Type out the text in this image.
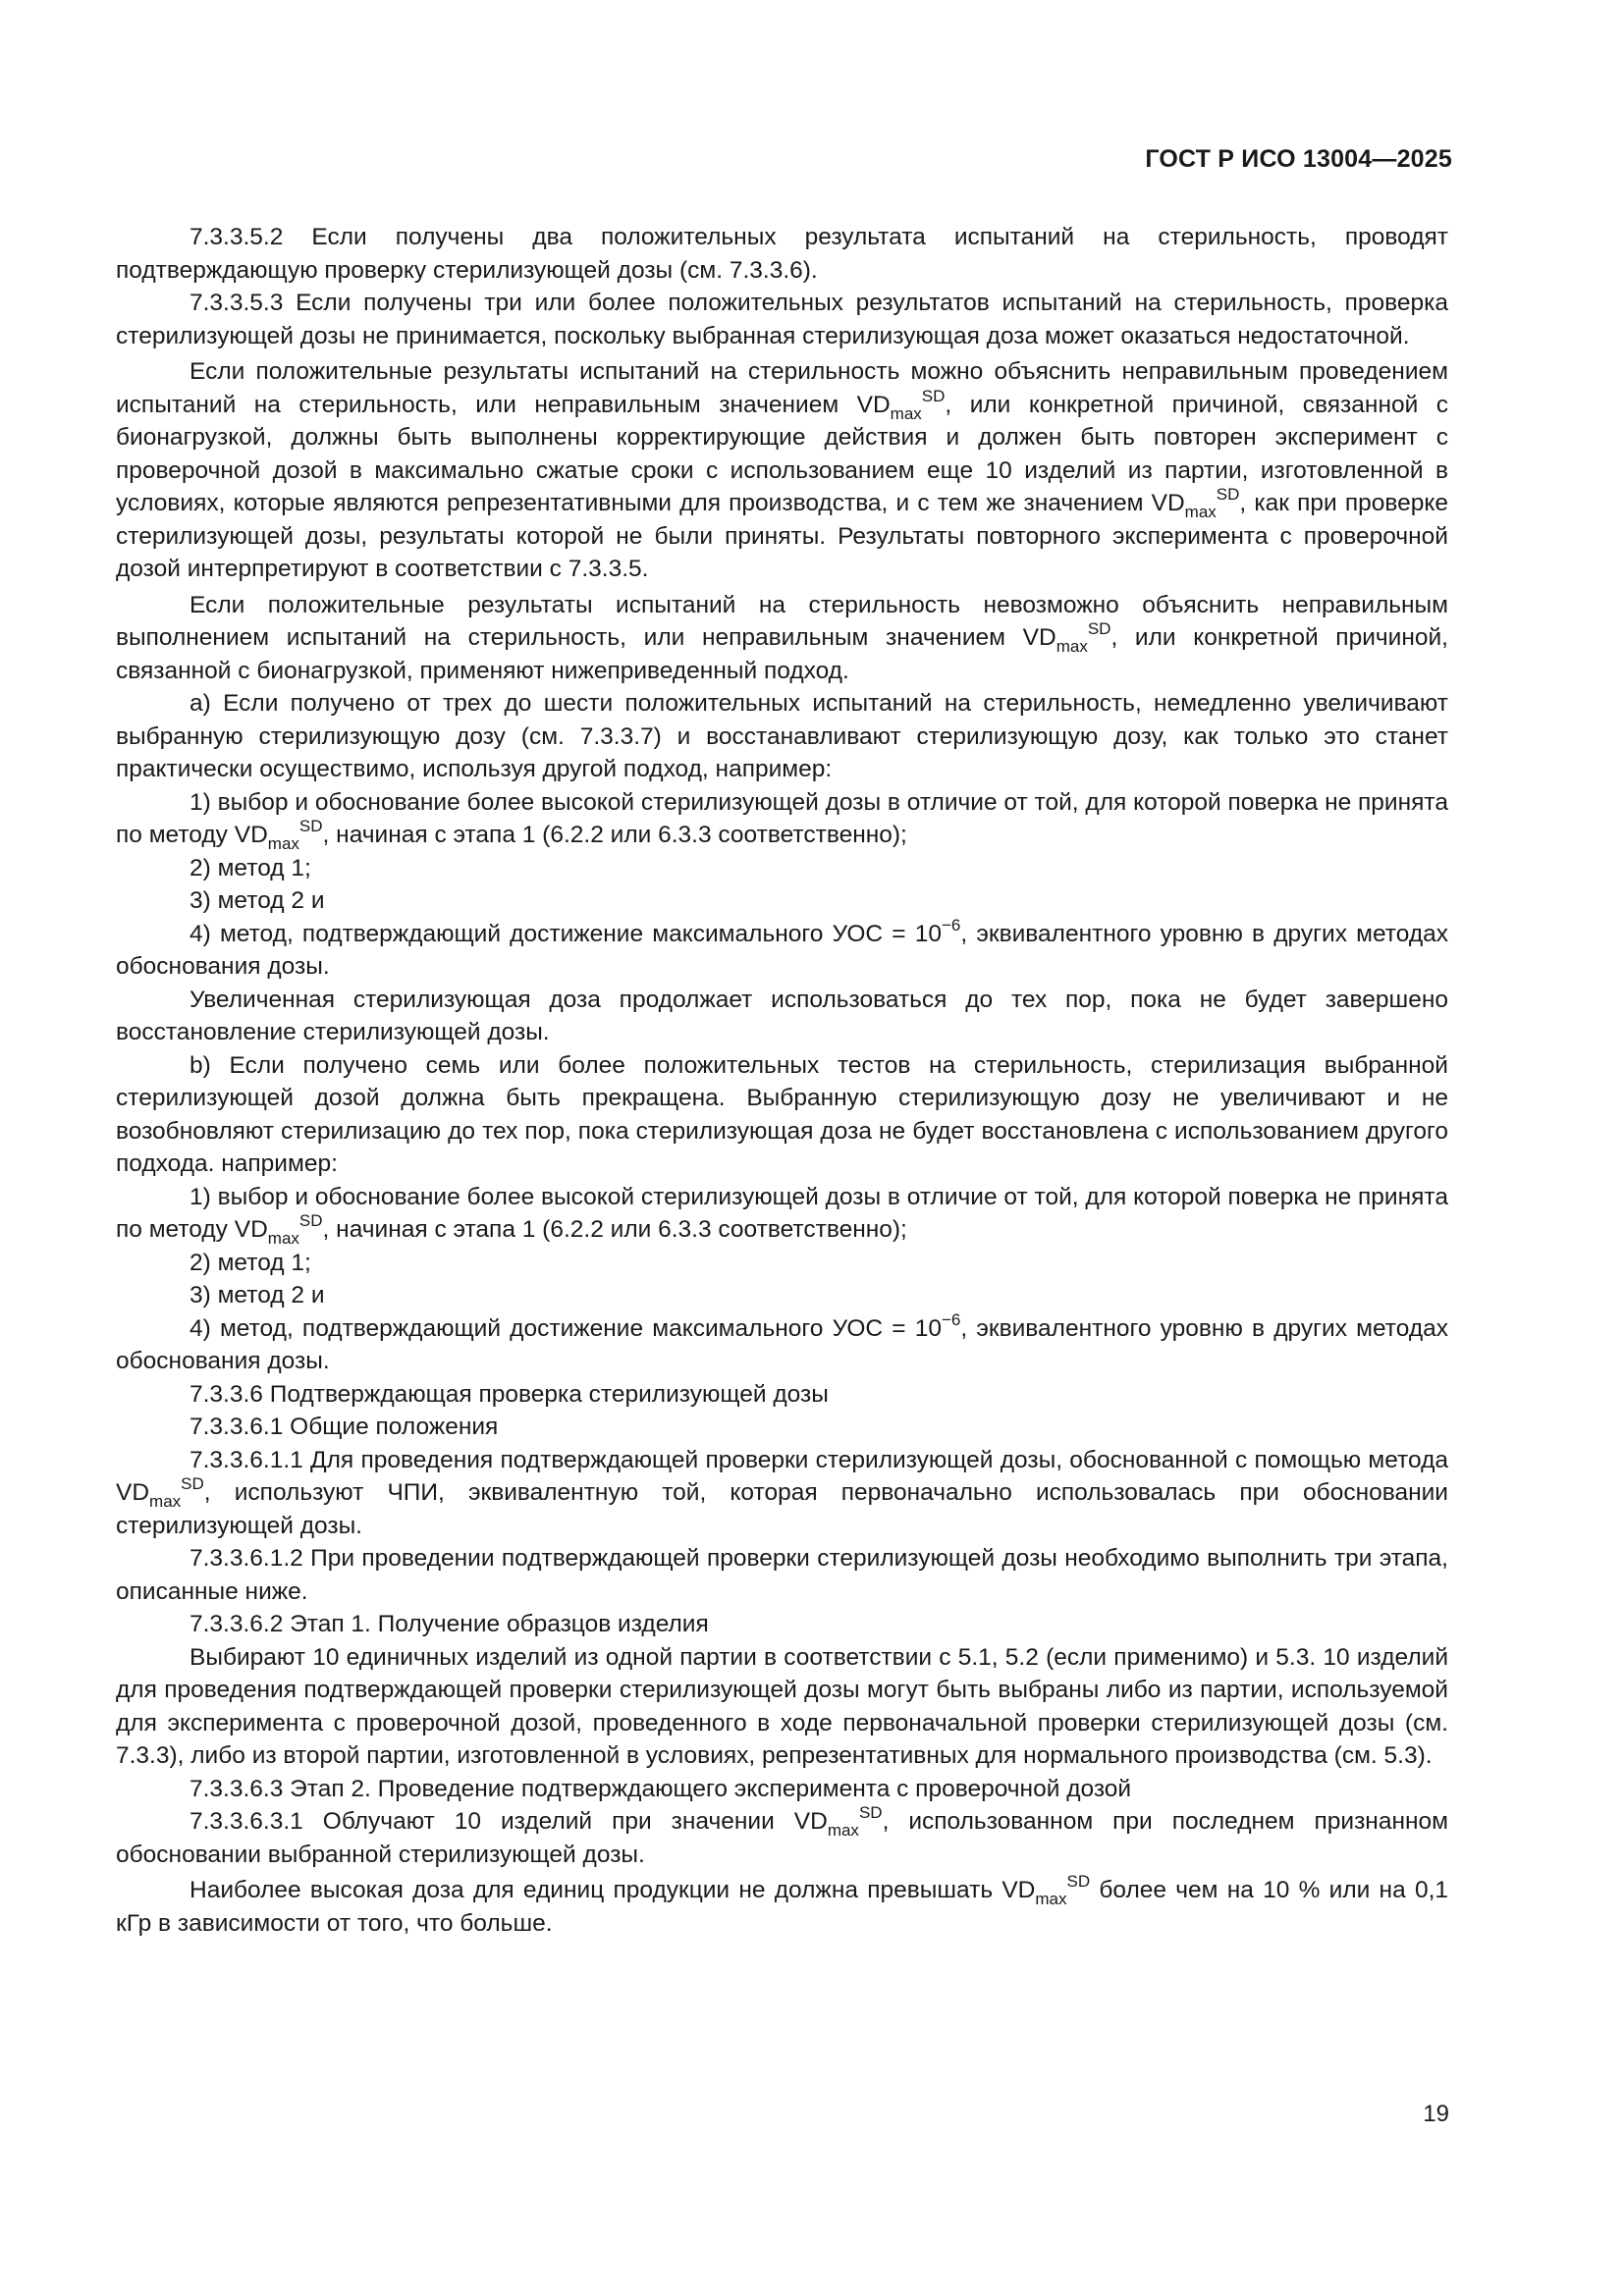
ГОСТ Р ИСО 13004—2025

7.3.3.5.2 Если получены два положительных результата испытаний на стерильность, проводят подтверждающую проверку стерилизующей дозы (см. 7.3.3.6).

7.3.3.5.3 Если получены три или более положительных результатов испытаний на стерильность, проверка стерилизующей дозы не принимается, поскольку выбранная стерилизующая доза может оказаться недостаточной.

Если положительные результаты испытаний на стерильность можно объяснить неправильным проведением испытаний на стерильность, или неправильным значением $VD_{max}^{SD}$, или конкретной причиной, связанной с бионагрузкой, должны быть выполнены корректирующие действия и должен быть повторен эксперимент с проверочной дозой в максимально сжатые сроки с использованием еще 10 изделий из партии, изготовленной в условиях, которые являются репрезентативными для производства, и с тем же значением $VD_{max}^{SD}$, как при проверке стерилизующей дозы, результаты которой не были приняты. Результаты повторного эксперимента с проверочной дозой интерпретируют в соответствии с 7.3.3.5.

Если положительные результаты испытаний на стерильность невозможно объяснить неправильным выполнением испытаний на стерильность, или неправильным значением $VD_{max}^{SD}$, или конкретной причиной, связанной с бионагрузкой, применяют нижеприведенный подход.

а) Если получено от трех до шести положительных испытаний на стерильность, немедленно увеличивают выбранную стерилизующую дозу (см. 7.3.3.7) и восстанавливают стерилизующую дозу, как только это станет практически осуществимо, используя другой подход, например:

1) выбор и обоснование более высокой стерилизующей дозы в отличие от той, для которой поверка не принята по методу $VD_{max}^{SD}$, начиная с этапа 1 (6.2.2 или 6.3.3 соответственно);

2) метод 1;

3) метод 2 и

4) метод, подтверждающий достижение максимального УОС = $10^{-6}$, эквивалентного уровню в других методах обоснования дозы.

Увеличенная стерилизующая доза продолжает использоваться до тех пор, пока не будет завершено восстановление стерилизующей дозы.

b) Если получено семь или более положительных тестов на стерильность, стерилизация выбранной стерилизующей дозой должна быть прекращена. Выбранную стерилизующую дозу не увеличивают и не возобновляют стерилизацию до тех пор, пока стерилизующая доза не будет восстановлена с использованием другого подхода. например:

1) выбор и обоснование более высокой стерилизующей дозы в отличие от той, для которой поверка не принята по методу $VD_{max}^{SD}$, начиная с этапа 1 (6.2.2 или 6.3.3 соответственно);

2) метод 1;

3) метод 2 и

4) метод, подтверждающий достижение максимального УОС = $10^{-6}$, эквивалентного уровню в других методах обоснования дозы.

7.3.3.6 Подтверждающая проверка стерилизующей дозы

7.3.3.6.1 Общие положения

7.3.3.6.1.1 Для проведения подтверждающей проверки стерилизующей дозы, обоснованной с помощью метода $VD_{max}^{SD}$, используют ЧПИ, эквивалентную той, которая первоначально использовалась при обосновании стерилизующей дозы.

7.3.3.6.1.2 При проведении подтверждающей проверки стерилизующей дозы необходимо выполнить три этапа, описанные ниже.

7.3.3.6.2 Этап 1. Получение образцов изделия

Выбирают 10 единичных изделий из одной партии в соответствии с 5.1, 5.2 (если применимо) и 5.3. 10 изделий для проведения подтверждающей проверки стерилизующей дозы могут быть выбраны либо из партии, используемой для эксперимента с проверочной дозой, проведенного в ходе первоначальной проверки стерилизующей дозы (см. 7.3.3), либо из второй партии, изготовленной в условиях, репрезентативных для нормального производства (см. 5.3).

7.3.3.6.3 Этап 2. Проведение подтверждающего эксперимента с проверочной дозой

7.3.3.6.3.1 Облучают 10 изделий при значении $VD_{max}^{SD}$, использованном при последнем признанном обосновании выбранной стерилизующей дозы.

Наиболее высокая доза для единиц продукции не должна превышать $VD_{max}^{SD}$ более чем на 10 % или на 0,1 кГр в зависимости от того, что больше.

19
